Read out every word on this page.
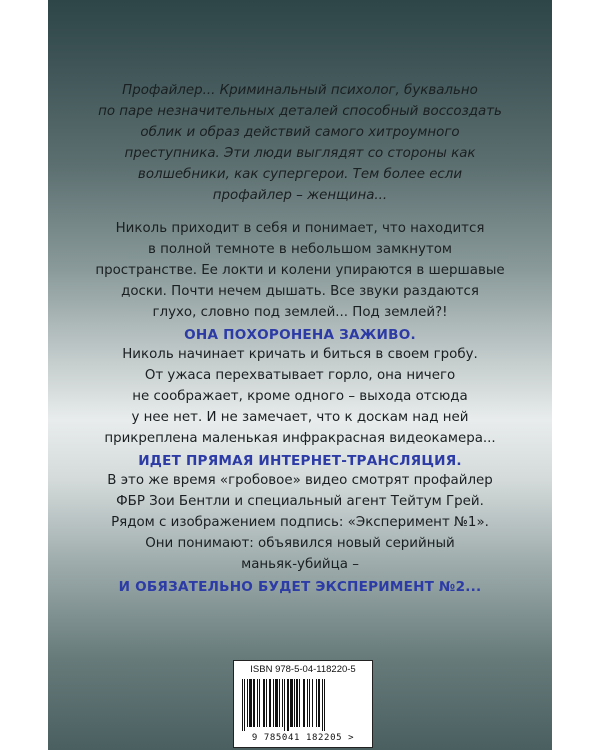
Профайлер... Криминальный психолог, буквально
по паре незначительных деталей способный воссоздать
облик и образ действий самого хитроумного
преступника. Эти люди выглядят со стороны как
волшебники, как супергерои. Тем более если
профайлер – женщина...
Николь приходит в себя и понимает, что находится
в полной темноте в небольшом замкнутом
пространстве. Ее локти и колени упираются в шершавые
доски. Почти нечем дышать. Все звуки раздаются
глухо, словно под землей... Под землей?!
ОНА ПОХОРОНЕНА ЗАЖИВО.
Николь начинает кричать и биться в своем гробу.
От ужаса перехватывает горло, она ничего
не соображает, кроме одного – выхода отсюда
у нее нет. И не замечает, что к доскам над ней
прикреплена маленькая инфракрасная видеокамера...
ИДЕТ ПРЯМАЯ ИНТЕРНЕТ-ТРАНСЛЯЦИЯ.
В это же время «гробовое» видео смотрят профайлер
ФБР Зои Бентли и специальный агент Тейтум Грей.
Рядом с изображением подпись: «Эксперимент №1».
Они понимают: объявился новый серийный
маньяк-убийца –
И ОБЯЗАТЕЛЬНО БУДЕТ ЭКСПЕРИМЕНТ №2...
ISBN 978-5-04-118220-5
9 785041 182205 >
